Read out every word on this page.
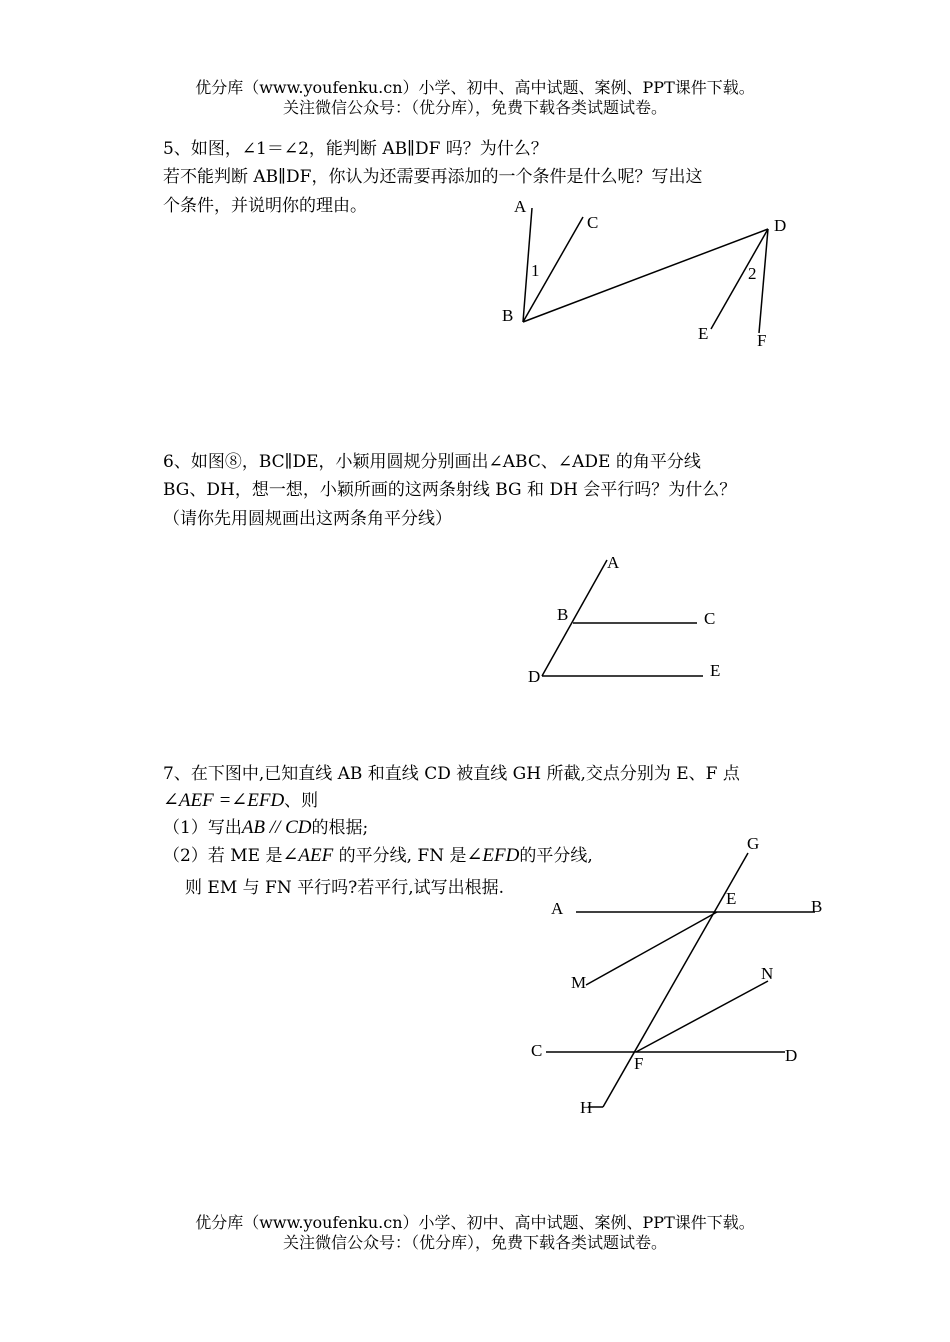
优分库（www.youfenku.cn）小学、初中、高中试题、案例、PPT课件下载。
关注微信公众号：（优分库），免费下载各类试题试卷。
5、如图，∠1＝∠2，能判断 AB∥DF 吗？为什么？
若不能判断 AB∥DF，你认为还需要再添加的一个条件是什么呢？写出这
个条件，并说明你的理由。
6、如图⑧，BC∥DE，小颖用圆规分别画出∠ABC、∠ADE 的角平分线
BG、DH，想一想，小颖所画的这两条射线 BG 和 DH 会平行吗？为什么？
（请你先用圆规画出这两条角平分线）
7、在下图中,已知直线 AB 和直线 CD 被直线 GH 所截,交点分别为 E、F 点
∠AEF =∠EFD、则
（1）写出AB // CD的根据;
（2）若 ME 是∠AEF 的平分线, FN 是∠EFD的平分线,
则 EM 与 FN 平行吗?若平行,试写出根据.
A
C	D
1	2
B
E	F
A
B	C
E
D
G
E
A	B
N
M
C	D
F
H
优分库（www.youfenku.cn）小学、初中、高中试题、案例、PPT课件下载。
关注微信公众号：（优分库），免费下载各类试题试卷。
